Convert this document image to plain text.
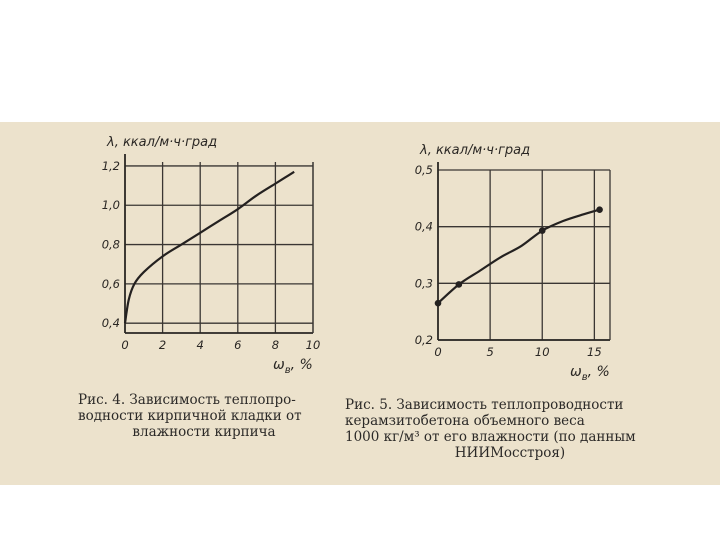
0	2	4	6	8 10
0,4
0,6
0,8
1,0
1,2
λ, ккал/м·ч·град
$\omega_в$, %
0	5	10	15
0,2
0,3
0,4
0,5
λ, ккал/м·ч·град
$\omega_в$, %
Рис. 4. Зависимость теплопро-
водности кирпичной кладки от
влажности кирпича
Рис. 5. Зависимость теплопроводности
керамзитобетона объемного веса
1000 кг/м³ от его влажности (по данным
НИИМосстроя)
